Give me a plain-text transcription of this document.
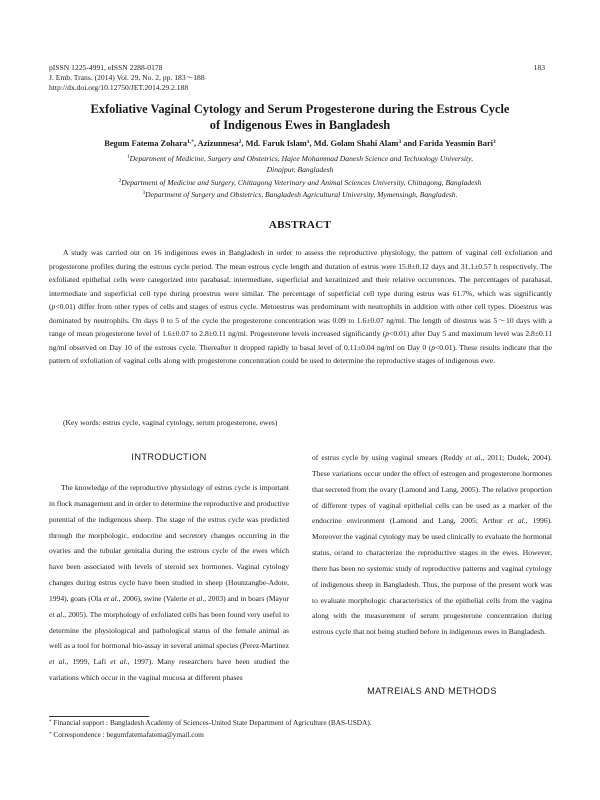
pISSN 1225-4991, eISSN 2288-0178
J. Emb. Trans. (2014) Vol. 29, No. 2, pp. 183～188
http://dx.doi.org/10.12750/JET.2014.29.2.188
183
Exfoliative Vaginal Cytology and Serum Progesterone during the Estrous Cycle
of Indigenous Ewes in Bangladesh
Begum Fatema Zohara$^{1,*}$, Azizunnesa$^2$, Md. Faruk Islam$^1$, Md. Golam Shahi Alam$^3$ and Farida Yeasmin Bari$^3$
$^1$Department of Medicine, Surgery and Obstetrics, Hajee Mohammad Danesh Science and Technology University,
Dinajpur, Bangladesh
$^2$Department of Medicine and Surgery, Chittagong Veterinary and Animal Sciences University, Chittagong, Bangladesh
$^3$Department of Surgery and Obstetrics, Bangladesh Agricultural University, Mymensingh, Bangladesh.
ABSTRACT

A study was carried out on 16 indigenous ewes in Bangladesh in order to assess the reproductive physiology, the pattern of vaginal cell exfoliation and progesterone profiles during the estrous cycle period. The mean estrous cycle length and duration of estrus were 15.8±0.12 days and 31.1±0.57 h respectively. The exfoliated epithelial cells were categorized into parabasal, intermediate, superficial and keratinized and their relative occurrences. The percentages of parabasal, intermediate and superficial cell type during proestrus were similar. The percentage of superficial cell type during estrus was 61.7%, which was significantly (p<0.01) differ from other types of cells and stages of estrus cycle. Metoestrus was predominant with neutrophils in addition with other cell types. Dioestrus was dominated by neutrophils. On days 0 to 5 of the cycle the progesterone concentration was 0.09 to 1.6±0.07 ng/ml. The length of diestrus was 5～10 days with a range of mean progesterone level of 1.6±0.07 to 2.8±0.11 ng/ml. Progesterone levels increased significantly (p<0.01) after Day 5 and maximum level was 2.8±0.11 ng/ml observed on Day 10 of the estrous cycle. Thereafter it dropped rapidly to basal level of 0.11±0.04 ng/ml on Day 0 (p<0.01). These results indicate that the pattern of exfoliation of vaginal cells along with progesterone concentration could be used to determine the reproductive stages of indigenous ewe.

(Key words: estrus cycle, vaginal cytology, serum progesterone, ewes)
INTRODUCTION

The knowledge of the reproductive physiology of estrus cycle is important in flock management and in order to determine the reproductive and productive potential of the indigenous sheep. The stage of the estrus cycle was predicted through the morphologic, endocrine and secretory changes occurring in the ovaries and the tubular genitalia during the estrous cycle of the ewes which have been associated with levels of steroid sex hormones. Vaginal cytology changes during estrus cycle have been studied in sheep (Hounzangbe-Adote, 1994), goats (Ola et al., 2006), swine (Valerie et al., 2003) and in boars (Mayor et al., 2005). The morphology of exfoliated cells has been found very useful to determine the physiological and pathological status of the female animal as well as a tool for hormonal bio-assay in several animal species (Perez-Martinez et al., 1999, Lafi et al., 1997). Many researchers have been studied the variations which occur in the vaginal mucosa at different phases

of estrus cycle by using vaginal smears (Reddy et al., 2011; Dudek, 2004). These variations occur under the effect of estrogen and progesterone hormones that secreted from the ovary (Lamond and Lang, 2005). The relative proportion of different types of vaginal epithelial cells can be used as a marker of the endocrine environment (Lamond and Lang, 2005; Arthur et al., 1996). Moreover the vaginal cytology may be used clinically to evaluate the hormonal status, or/and to characterize the reproductive stages in the ewes. However, there has been no systemic study of reproductive patterns and vaginal cytology of indigenous sheep in Bangladesh. Thus, the purpose of the present work was to evaluate morphologic characteristics of the epithelial cells from the vagina along with the measurement of serum progesterone concentration during estrous cycle that not being studied before in indigenous ewes in Bangladesh.

MATREIALS AND METHODS
* Financial support : Bangladesh Academy of Sciences-United State Department of Agriculture (BAS-USDA).
* Correspondence : begumfatemafatema@ymail.com
